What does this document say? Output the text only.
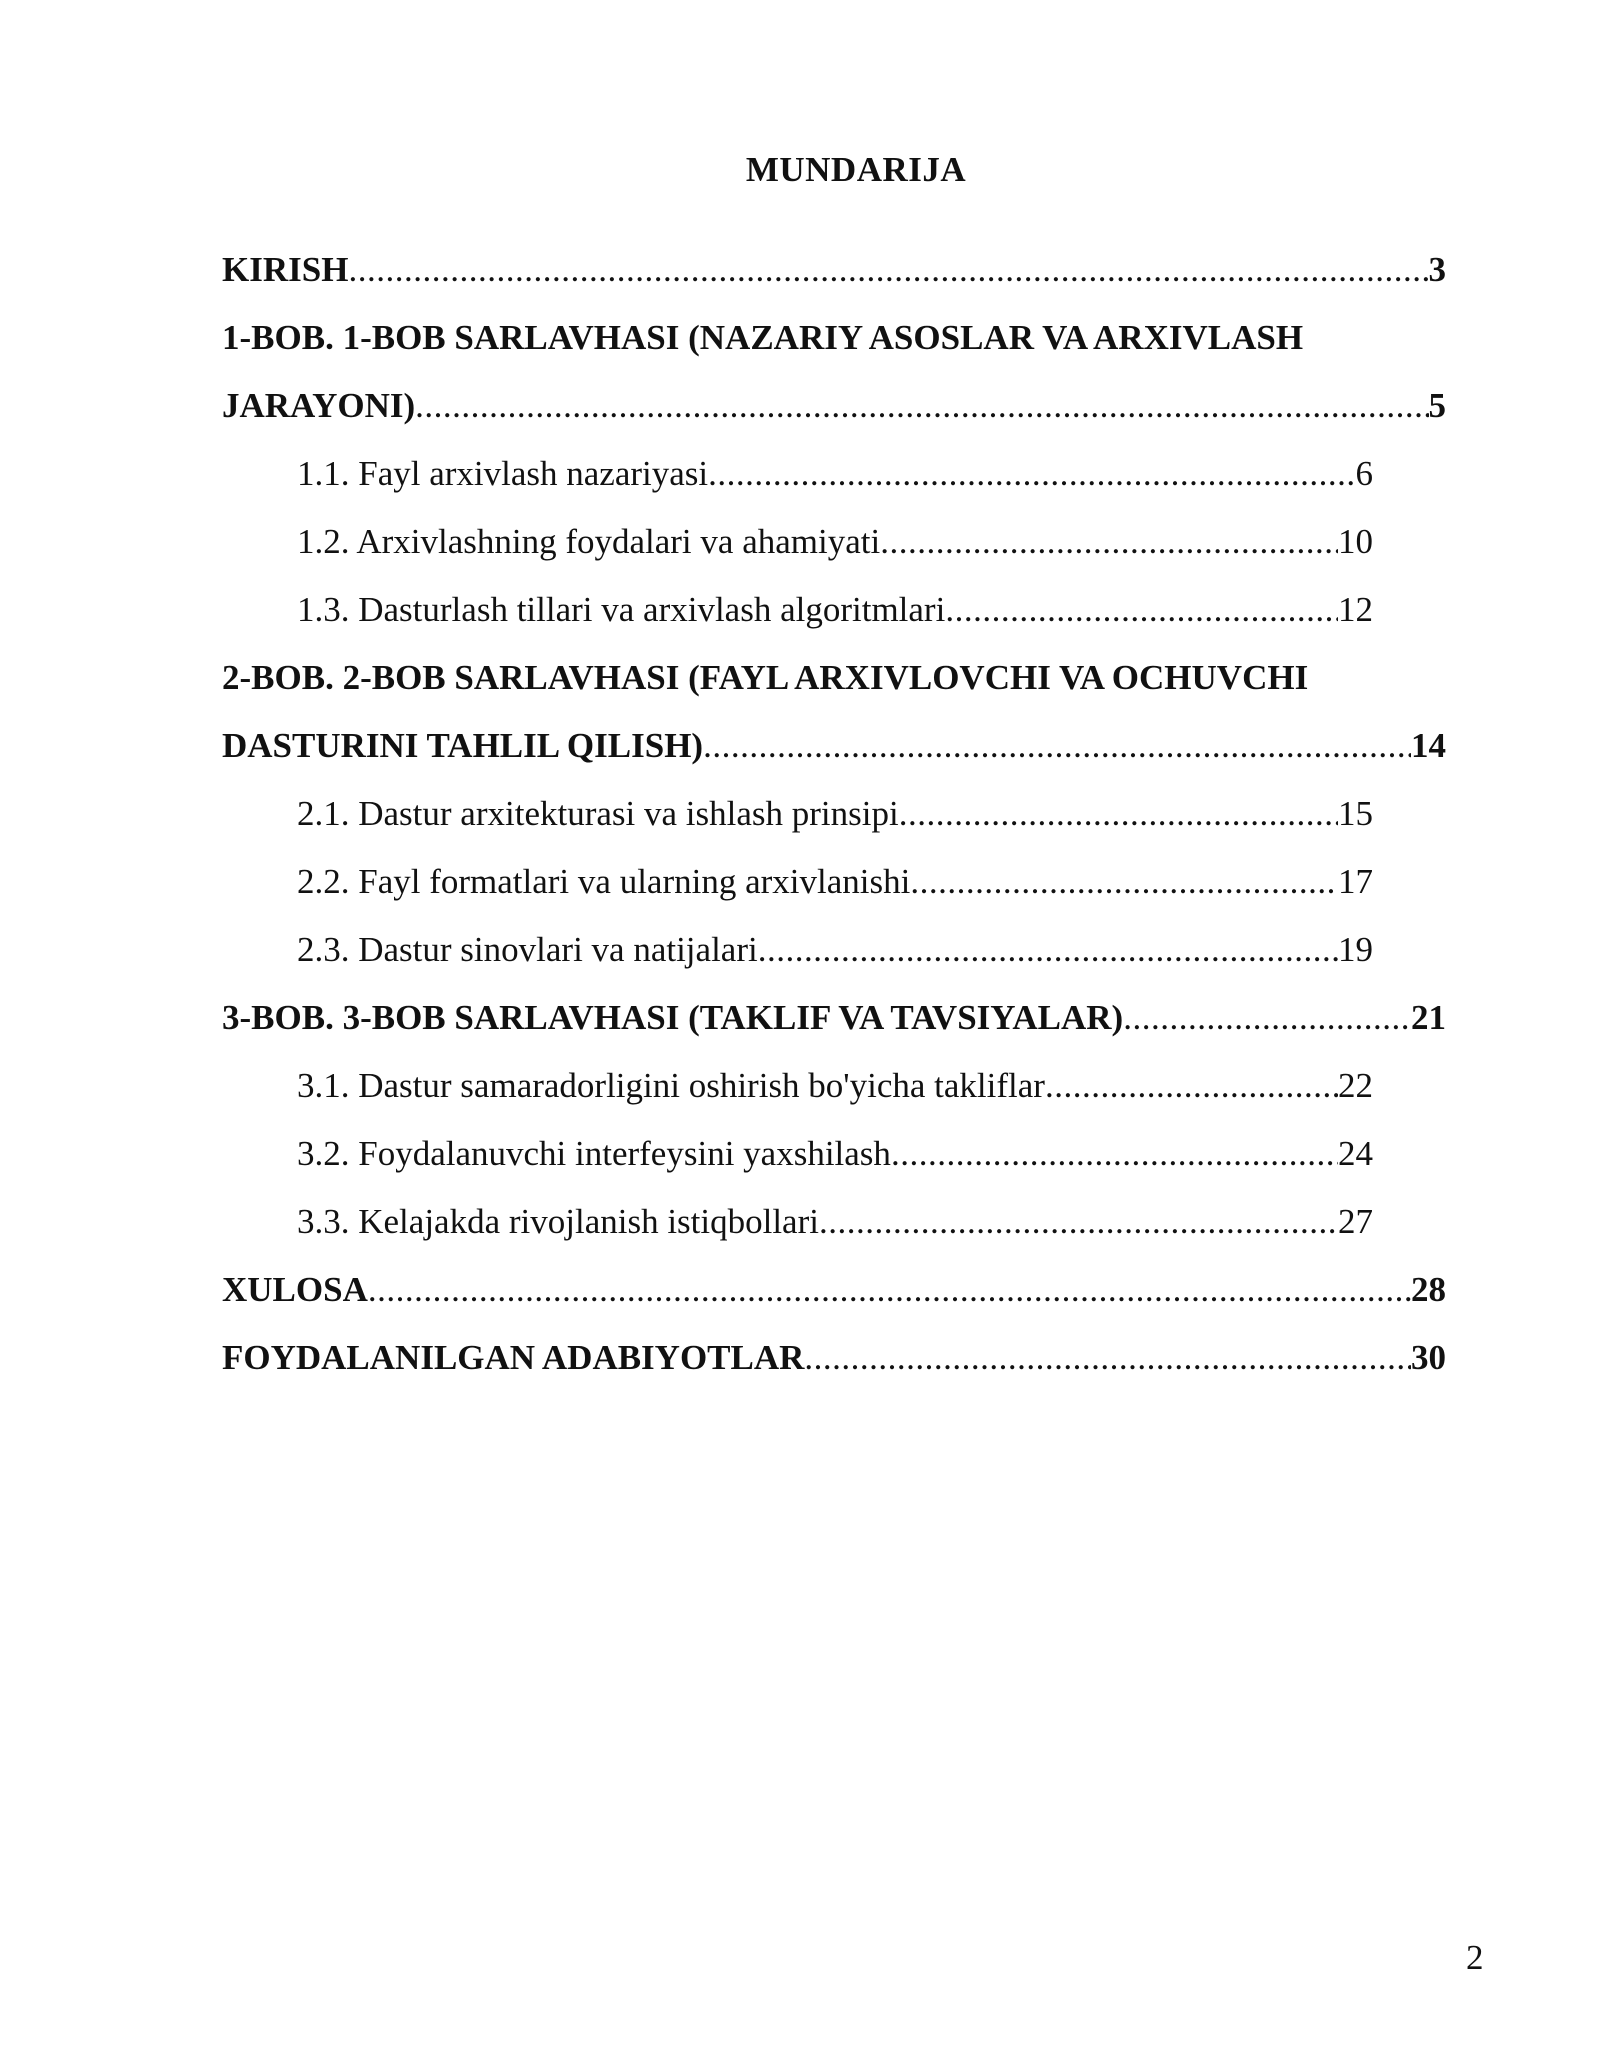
MUNDARIJA
KIRISH .....	3
1-BOB. 1-BOB SARLAVHASI (NAZARIY ASOSLAR VA ARXIVLASH
JARAYONI) .....	5
1.1. Fayl arxivlash nazariyasi .....	6
1.2. Arxivlashning foydalari va ahamiyati .....	10
1.3. Dasturlash tillari va arxivlash algoritmlari .....	12
2-BOB. 2-BOB SARLAVHASI (FAYL ARXIVLOVCHI VA OCHUVCHI
DASTURINI TAHLIL QILISH) .....	14
2.1. Dastur arxitekturasi va ishlash prinsipi .....	15
2.2. Fayl formatlari va ularning arxivlanishi .....	17
2.3. Dastur sinovlari va natijalari .....	19
3-BOB. 3-BOB SARLAVHASI (TAKLIF VA TAVSIYALAR) .....	21
3.1. Dastur samaradorligini oshirish bo'yicha takliflar .....	22
3.2. Foydalanuvchi interfeysini yaxshilash .....	24
3.3. Kelajakda rivojlanish istiqbollari .....	27
XULOSA .....	28
FOYDALANILGAN ADABIYOTLAR .....	30
2
